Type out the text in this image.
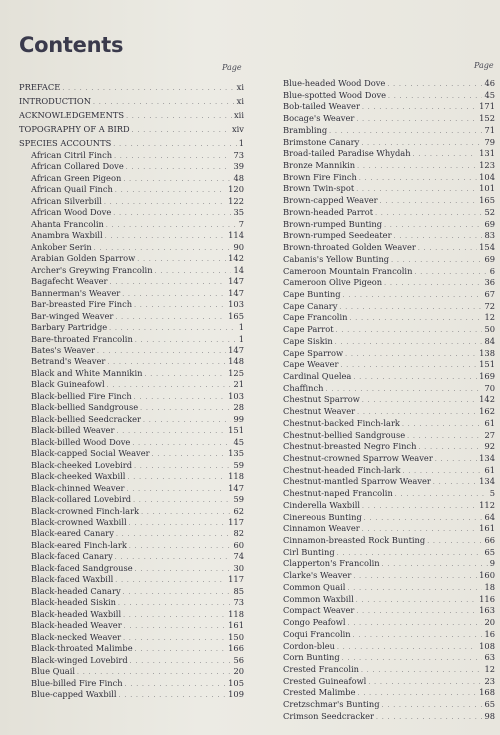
Contents
Page	Page
PREFACE . . .	xi
INTRODUCTION . . .	xi
ACKNOWLEDGEMENTS . . .	xii
TOPOGRAPHY OF A BIRD . . .	xiv
SPECIES ACCOUNTS . . .	1
African Citril Finch . . .	73
African Collared Dove . . .	39
African Green Pigeon . . .	48
African Quail Finch . . .	120
African Silverbill . . .	122
African Wood Dove . . .	35
Ahanta Francolin . . .	7
Anambra Waxbill . . .	114
Ankober Serin . . .	90
Arabian Golden Sparrow . . .	142
Archer's Greywing Francolin . . .	14
Bagafecht Weaver . . .	147
Bannerman's Weaver . . .	147
Bar-breasted Fire Finch . . .	103
Bar-winged Weaver . . .	165
Barbary Partridge . . .	1
Bare-throated Francolin . . .	1
Bates's Weaver . . .	147
Betrand's Weaver . . .	148
Black and White Mannikin . . .	125
Black Guineafowl . . .	21
Black-bellied Fire Finch . . .	103
Black-bellied Sandgrouse . . .	28
Black-bellied Seedcracker . . .	99
Black-billed Weaver . . .	151
Black-billed Wood Dove . . .	45
Black-capped Social Weaver . . .	135
Black-cheeked Lovebird . . .	59
Black-cheeked Waxbill . . .	118
Black-chinned Weaver . . .	147
Black-collared Lovebird . . .	59
Black-crowned Finch-lark . . .	62
Black-crowned Waxbill . . .	117
Black-eared Canary . . .	82
Black-eared Finch-lark . . .	60
Black-faced Canary . . .	74
Black-faced Sandgrouse . . .	30
Black-faced Waxbill . . .	117
Black-headed Canary . . .	85
Black-headed Siskin . . .	73
Black-headed Waxbill . . .	118
Black-headed Weaver . . .	161
Black-necked Weaver . . .	150
Black-throated Malimbe . . .	166
Black-winged Lovebird . . .	56
Blue Quail . . .	20
Blue-billed Fire Finch . . .	105
Blue-capped Waxbill . . .	109
Blue-headed Wood Dove . . .	46
Blue-spotted Wood Dove . . .	45
Bob-tailed Weaver . . .	171
Bocage's Weaver . . .	152
Brambling . . .	71
Brimstone Canary . . .	79
Broad-tailed Paradise Whydah . . .	131
Bronze Mannikin . . .	123
Brown Fire Finch . . .	104
Brown Twin-spot . . .	101
Brown-capped Weaver . . .	165
Brown-headed Parrot . . .	52
Brown-rumped Bunting . . .	69
Brown-rumped Seedeater . . .	83
Brown-throated Golden Weaver . . .	154
Cabanis's Yellow Bunting . . .	69
Cameroon Mountain Francolin . . .	6
Cameroon Olive Pigeon . . .	36
Cape Bunting . . .	67
Cape Canary . . .	72
Cape Francolin . . .	12
Cape Parrot . . .	50
Cape Siskin . . .	84
Cape Sparrow . . .	138
Cape Weaver . . .	151
Cardinal Quelea . . .	169
Chaffinch . . .	70
Chestnut Sparrow . . .	142
Chestnut Weaver . . .	162
Chestnut-backed Finch-lark . . .	61
Chestnut-bellied Sandgrouse . . .	27
Chestnut-breasted Negro Finch . . .	92
Chestnut-crowned Sparrow Weaver . . .	134
Chestnut-headed Finch-lark . . .	61
Chestnut-mantled Sparrow Weaver . . .	134
Chestnut-naped Francolin . . .	5
Cinderella Waxbill . . .	112
Cinereous Bunting . . .	64
Cinnamon Weaver . . .	161
Cinnamon-breasted Rock Bunting . . .	66
Cirl Bunting . . .	65
Clapperton's Francolin . . .	9
Clarke's Weaver . . .	160
Common Quail . . .	18
Common Waxbill . . .	116
Compact Weaver . . .	163
Congo Peafowl . . .	20
Coqui Francolin . . .	16
Cordon-bleu . . .	108
Corn Bunting . . .	63
Crested Francolin . . .	12
Crested Guineafowl . . .	23
Crested Malimbe . . .	168
Cretzschmar's Bunting . . .	65
Crimson Seedcracker . . .	98
